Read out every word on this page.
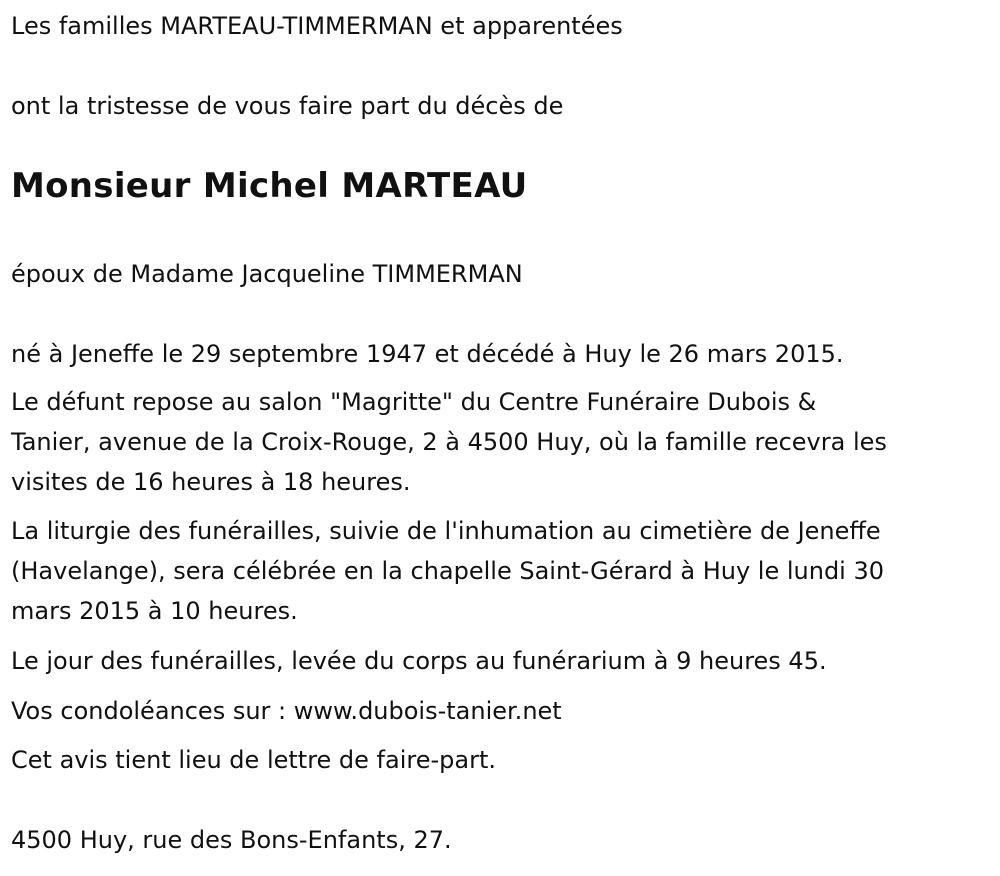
Les familles MARTEAU-TIMMERMAN et apparentées

ont la tristesse de vous faire part du décès de

Monsieur Michel MARTEAU

époux de Madame Jacqueline TIMMERMAN

né à Jeneffe le 29 septembre 1947 et décédé à Huy le 26 mars 2015.

Le défunt repose au salon "Magritte" du Centre Funéraire Dubois &

Tanier, avenue de la Croix-Rouge, 2 à 4500 Huy, où la famille recevra les

visites de 16 heures à 18 heures.

La liturgie des funérailles, suivie de l'inhumation au cimetière de Jeneffe

(Havelange), sera célébrée en la chapelle Saint-Gérard à Huy le lundi 30

mars 2015 à 10 heures.

Le jour des funérailles, levée du corps au funérarium à 9 heures 45.

Vos condoléances sur : www.dubois-tanier.net

Cet avis tient lieu de lettre de faire-part.

4500 Huy, rue des Bons-Enfants, 27.
